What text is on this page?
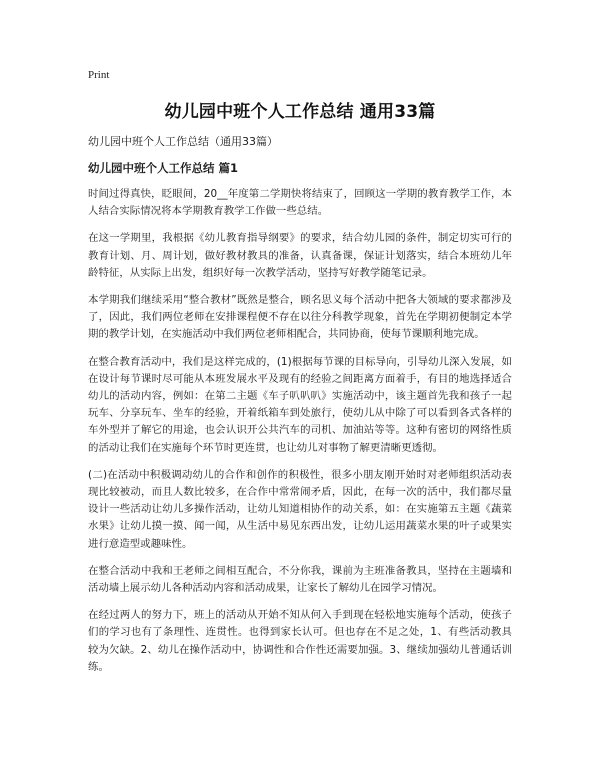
Print
幼儿园中班个人工作总结 通用33篇

幼儿园中班个人工作总结（通用33篇）

幼儿园中班个人工作总结 篇1

时间过得真快，眨眼间，20__年度第二学期快将结束了，回顾这一学期的教育教学工作，本人结合实际情况将本学期教育教学工作做一些总结。

在这一学期里，我根据《幼儿教育指导纲要》的要求，结合幼儿园的条件，制定切实可行的教育计划、月、周计划，做好教材教具的准备，认真备课，保证计划落实，结合本班幼儿年龄特征，从实际上出发，组织好每一次教学活动，坚持写好教学随笔记录。

本学期我们继续采用“整合教材”既然是整合，顾名思义每个活动中把各大领域的要求都涉及了，因此，我们两位老师在安排课程便不存在以往分科教学现象，首先在学期初便制定本学期的教学计划，在实施活动中我们两位老师相配合，共同协商，使每节课顺利地完成。

在整合教育活动中，我们是这样完成的，(1)根据每节课的目标导向，引导幼儿深入发展，如在设计每节课时尽可能从本班发展水平及现有的经验之间距离方面着手，有目的地选择适合幼儿的活动内容，例如：在第二主题《车子叭叭叭》实施活动中，该主题首先我和孩子一起玩车、分享玩车、坐车的经验，开着纸箱车到处旅行，使幼儿从中除了可以看到各式各样的车外型并了解它的用途，也会认识开公共汽车的司机、加油站等等。这种有密切的网络性质的活动让我们在实施每个环节时更连贯，也让幼儿对事物了解更清晰更透彻。

(二)在活动中积极调动幼儿的合作和创作的积极性，很多小朋友刚开始时对老师组织活动表现比较被动，而且人数比较多，在合作中常常闹矛盾，因此，在每一次的活中，我们都尽量设计一些活动让幼儿多操作活动，让幼儿知道相协作的动关系，如：在实施第五主题《蔬菜水果》让幼儿摸一摸、闻一闻，从生活中易见东西出发，让幼儿运用蔬菜水果的叶子或果实进行意造型或趣味性。

在整合活动中我和王老师之间相互配合，不分你我，课前为主班准备教具，坚持在主题墙和活动墙上展示幼儿各种活动内容和活动成果，让家长了解幼儿在园学习情况。

在经过两人的努力下，班上的活动从开始不知从何入手到现在轻松地实施每个活动，使孩子们的学习也有了条理性、连贯性。也得到家长认可。但也存在不足之处，1、有些活动教具较为欠缺。2、幼儿在操作活动中，协调性和合作性还需要加强。3、继续加强幼儿普通话训练。
